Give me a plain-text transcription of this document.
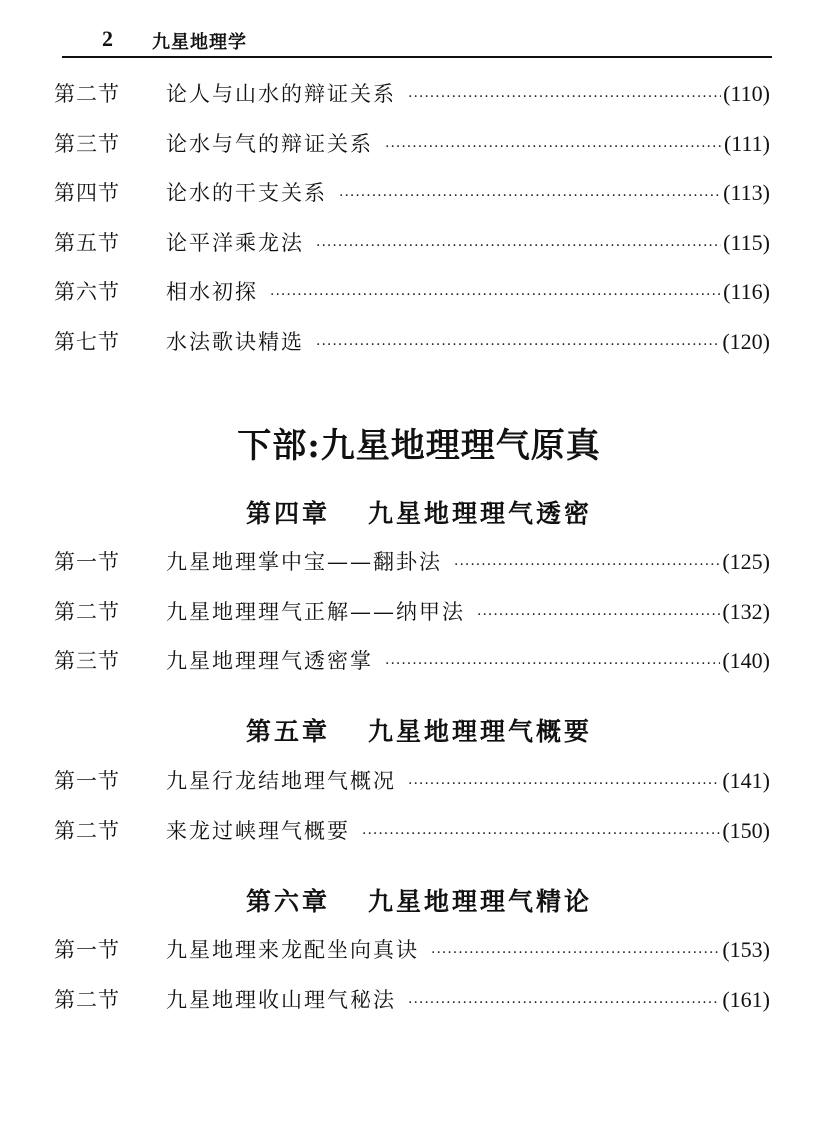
2 九星地理学
第二节	论人与山水的辩证关系 ·····	(110)
第三节	论水与气的辩证关系 ·····	(111)
第四节	论水的干支关系 ·····	(113)
第五节	论平洋乘龙法 ·····	(115)
第六节	相水初探 ·····	(116)
第七节	水法歌诀精选 ·····	(120)
下部:九星地理理气原真
第四章 九星地理理气透密
第一节	九星地理掌中宝——翻卦法 ·····	(125)
第二节	九星地理理气正解——纳甲法 ·····	(132)
第三节	九星地理理气透密掌 ·····	(140)
第五章 九星地理理气概要
第一节	九星行龙结地理气概况 ·····	(141)
第二节	来龙过峡理气概要 ·····	(150)
第六章 九星地理理气精论
第一节	九星地理来龙配坐向真诀 ·····	(153)
第二节	九星地理收山理气秘法 ·····	(161)
